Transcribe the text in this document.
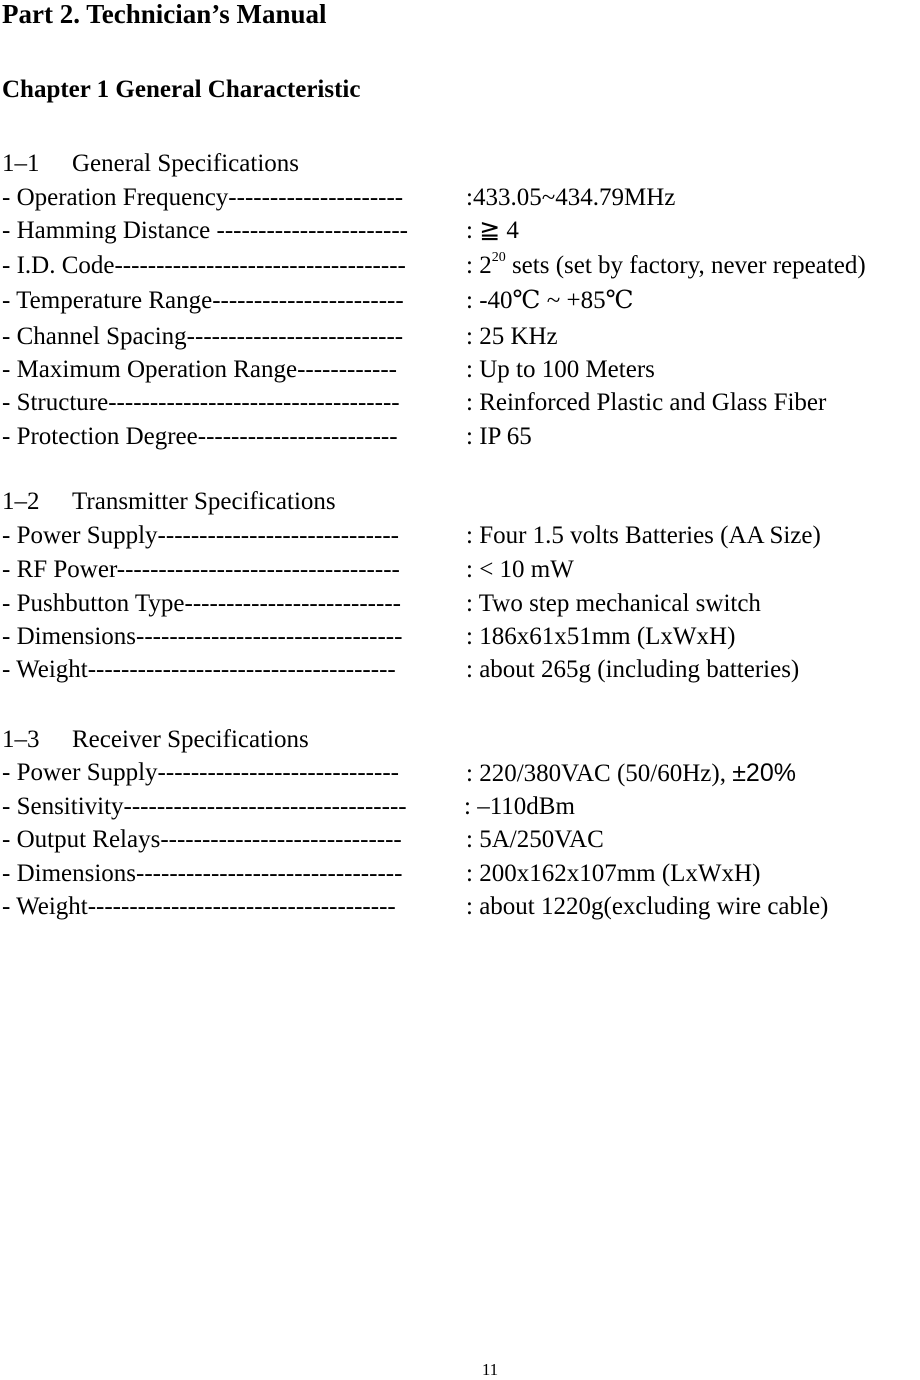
Part 2. Technician’s Manual
Chapter 1 General Characteristic
1–1 General Specifications
- Operation Frequency---------------------	:433.05~434.79MHz
- Hamming Distance ----------------------- : ≧ 4
- I.D. Code----------------------------------- : $2^{20}$ sets (set by factory, never repeated)
- Temperature Range----------------------- : -40℃ ~ +85℃
- Channel Spacing--------------------------	: 25 KHz
- Maximum Operation Range------------	: Up to 100 Meters
- Structure-----------------------------------	: Reinforced Plastic and Glass Fiber
- Protection Degree------------------------	: IP 65
1–2 Transmitter Specifications
- Power Supply-----------------------------	: Four 1.5 volts Batteries (AA Size)
- RF Power----------------------------------	: < 10 mW
- Pushbutton Type--------------------------	: Two step mechanical switch
- Dimensions--------------------------------	: 186x61x51mm (LxWxH)
- Weight-------------------------------------	: about 265g (including batteries)
1–3 Receiver Specifications
- Power Supply-----------------------------	: 220/380VAC (50/60Hz), ±20%
- Sensitivity---------------------------------- : –110dBm
- Output Relays-----------------------------	: 5A/250VAC
- Dimensions--------------------------------	: 200x162x107mm (LxWxH)
- Weight-------------------------------------	: about 1220g(excluding wire cable)
11
